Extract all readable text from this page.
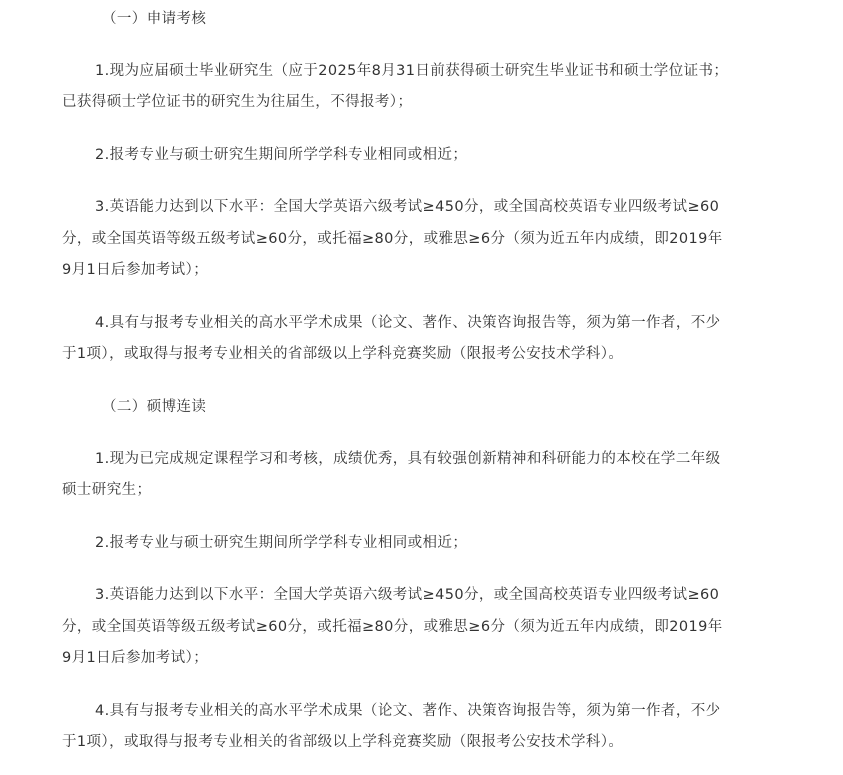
（一）申请考核

1.现为应届硕士毕业研究生（应于2025年8月31日前获得硕士研究生毕业证书和硕士学位证书；

已获得硕士学位证书的研究生为往届生，不得报考）；

2.报考专业与硕士研究生期间所学学科专业相同或相近；

3.英语能力达到以下水平：全国大学英语六级考试≥450分，或全国高校英语专业四级考试≥60

分，或全国英语等级五级考试≥60分，或托福≥80分，或雅思≥6分（须为近五年内成绩，即2019年

9月1日后参加考试）；

4.具有与报考专业相关的高水平学术成果（论文、著作、决策咨询报告等，须为第一作者，不少

于1项），或取得与报考专业相关的省部级以上学科竞赛奖励（限报考公安技术学科）。

（二）硕博连读

1.现为已完成规定课程学习和考核，成绩优秀，具有较强创新精神和科研能力的本校在学二年级

硕士研究生；

2.报考专业与硕士研究生期间所学学科专业相同或相近；

3.英语能力达到以下水平：全国大学英语六级考试≥450分，或全国高校英语专业四级考试≥60

分，或全国英语等级五级考试≥60分，或托福≥80分，或雅思≥6分（须为近五年内成绩，即2019年

9月1日后参加考试）；

4.具有与报考专业相关的高水平学术成果（论文、著作、决策咨询报告等，须为第一作者，不少

于1项），或取得与报考专业相关的省部级以上学科竞赛奖励（限报考公安技术学科）。
